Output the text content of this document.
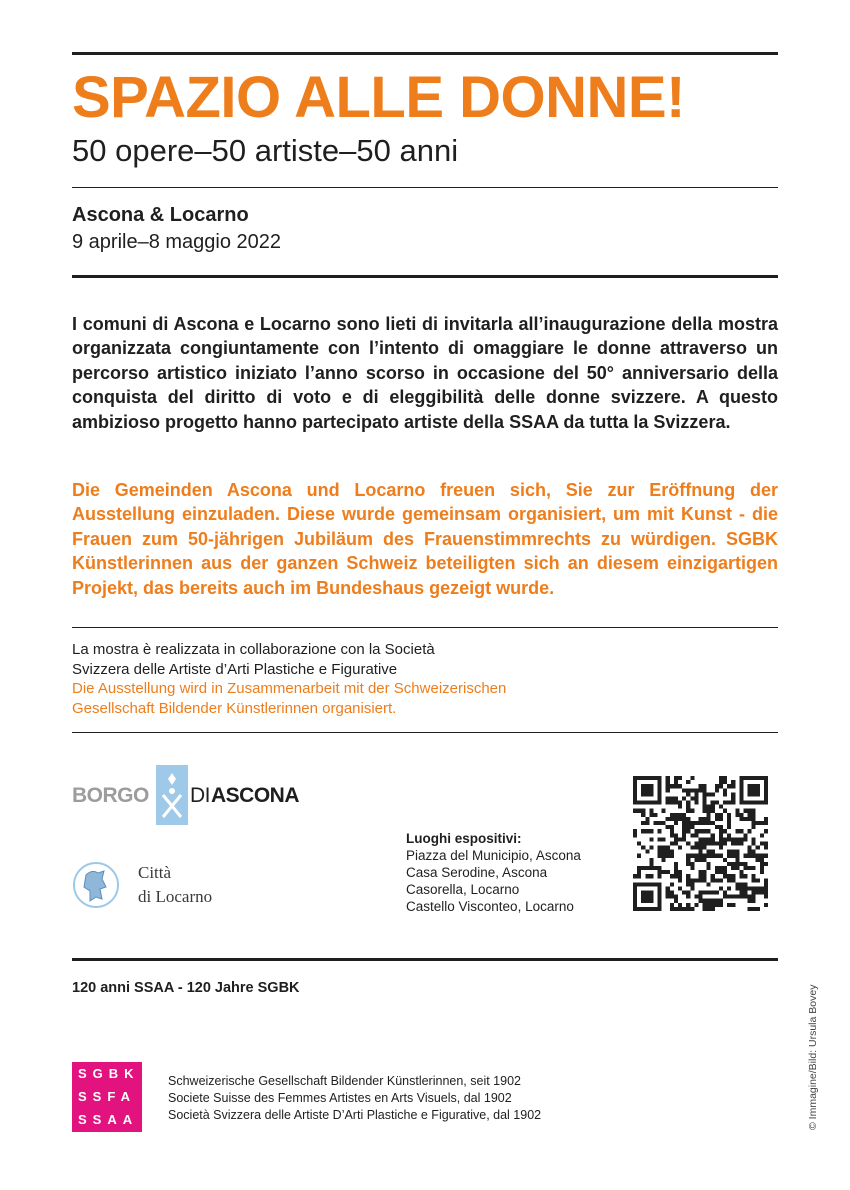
SPAZIO ALLE DONNE!
50 opere–50 artiste–50 anni
Ascona & Locarno
9 aprile–8 maggio 2022
I comuni di Ascona e Locarno sono lieti di invitarla all’inaugurazione della mostra organizzata congiuntamente con l’intento di omaggiare le donne attraverso un percorso artistico iniziato l’anno scorso in occasione del 50° anniversario della conquista del diritto di voto e di eleggibilità delle donne svizzere. A questo ambizioso progetto hanno partecipato artiste della SSAA da tutta la Svizzera.
Die Gemeinden Ascona und Locarno freuen sich, Sie zur Eröffnung der Ausstellung einzuladen. Diese wurde gemeinsam organisiert, um mit Kunst - die Frauen zum 50-jährigen Jubiläum des Frauenstimmrechts zu würdigen. SGBK Künstlerinnen aus der ganzen Schweiz beteiligten sich an diesem einzigartigen Projekt, das bereits auch im Bundeshaus gezeigt wurde.
La mostra è realizzata in collaborazione con la Società
Svizzera delle Artiste d’Arti Plastiche e Figurative
Die Ausstellung wird in Zusammenarbeit mit der Schweizerischen
Gesellschaft Bildender Künstlerinnen organisiert.
BORGO DI ASCONA
Città
di Locarno
Luoghi espositivi:
Piazza del Municipio, Ascona
Casa Serodine, Ascona
Casorella, Locarno
Castello Visconteo, Locarno
120 anni SSAA - 120 Jahre SGBK
SGBK
SSFA
SSAA
Schweizerische Gesellschaft Bildender Künstlerinnen, seit 1902
Societe Suisse des Femmes Artistes en Arts Visuels, dal 1902
Società Svizzera delle Artiste D’Arti Plastiche e Figurative, dal 1902	© Immagine/Bild: Ursula Bovey
